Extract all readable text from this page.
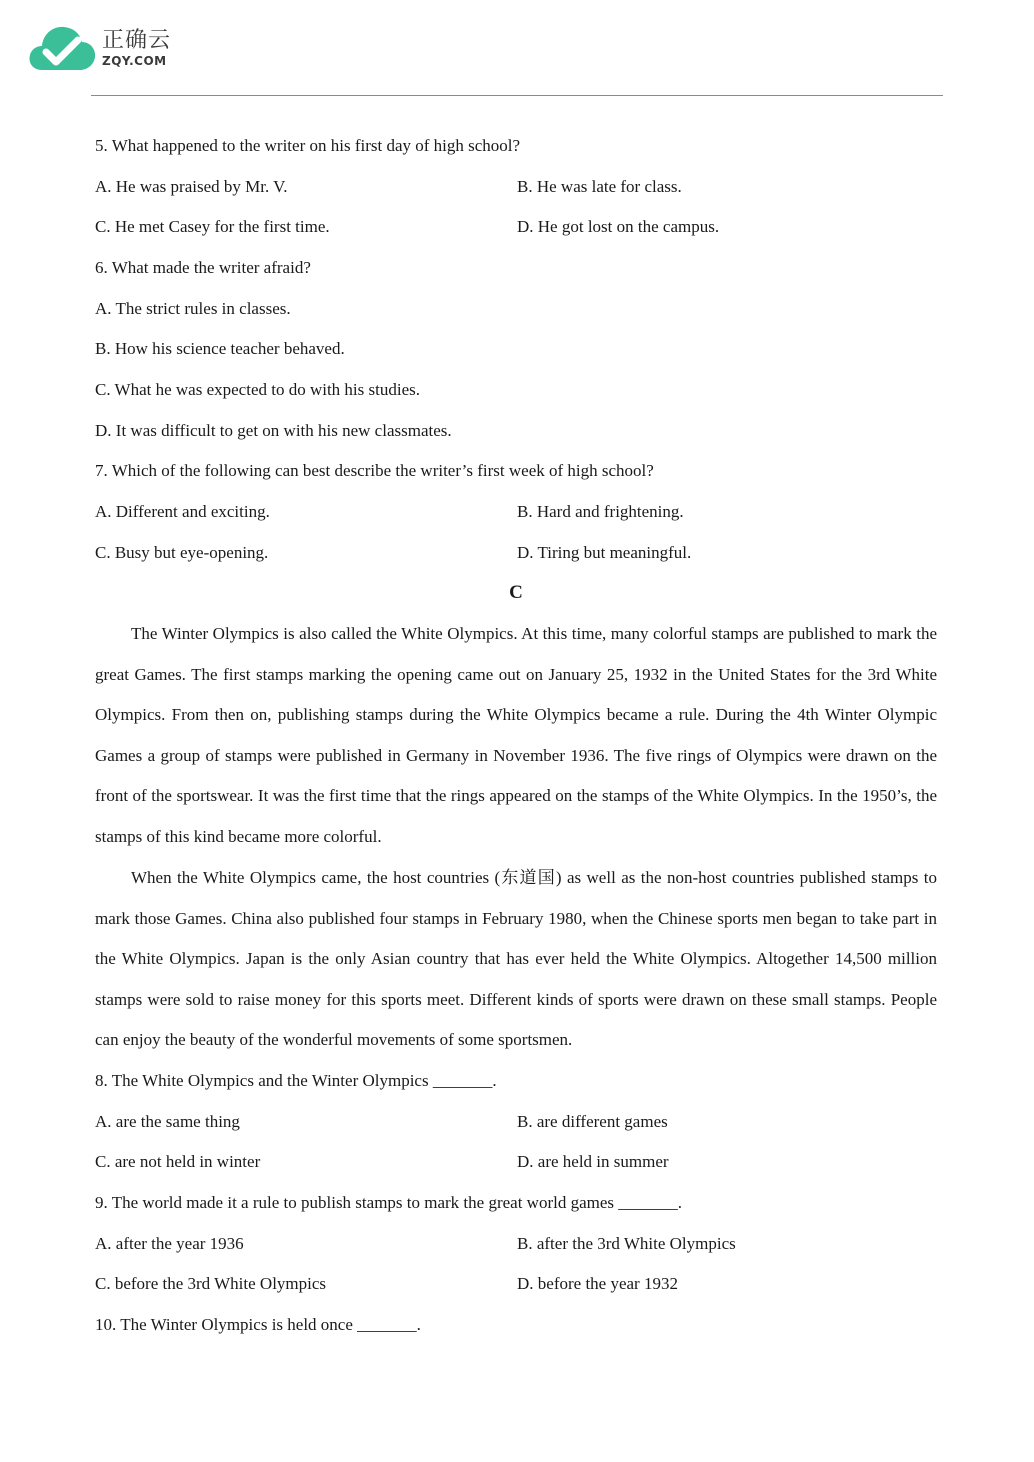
正确云
ZQY.COM
5. What happened to the writer on his first day of high school?
A. He was praised by Mr. V.	B. He was late for class.
C. He met Casey for the first time.	D. He got lost on the campus.
6. What made the writer afraid?
A. The strict rules in classes.
B. How his science teacher behaved.
C. What he was expected to do with his studies.
D. It was difficult to get on with his new classmates.
7. Which of the following can best describe the writer’s first week of high school?
A. Different and exciting.	B. Hard and frightening.
C. Busy but eye-opening.	D. Tiring but meaningful.
C
The Winter Olympics is also called the White Olympics. At this time, many colorful stamps are published to mark the great Games. The first stamps marking the opening came out on January 25, 1932 in the United States for the 3rd White Olympics. From then on, publishing stamps during the White Olympics became a rule. During the 4th Winter Olympic Games a group of stamps were published in Germany in November 1936. The five rings of Olympics were drawn on the front of the sportswear. It was the first time that the rings appeared on the stamps of the White Olympics. In the 1950’s, the stamps of this kind became more colorful.
When the White Olympics came, the host countries (东道国) as well as the non-host countries published stamps to mark those Games. China also published four stamps in February 1980, when the Chinese sports men began to take part in the White Olympics. Japan is the only Asian country that has ever held the White Olympics. Altogether 14,500 million stamps were sold to raise money for this sports meet. Different kinds of sports were drawn on these small stamps. People can enjoy the beauty of the wonderful movements of some sportsmen.
8. The White Olympics and the Winter Olympics _______.
A. are the same thing	B. are different games
C. are not held in winter	D. are held in summer
9. The world made it a rule to publish stamps to mark the great world games _______.
A. after the year 1936	B. after the 3rd White Olympics
C. before the 3rd White Olympics	D. before the year 1932
10. The Winter Olympics is held once _______.
